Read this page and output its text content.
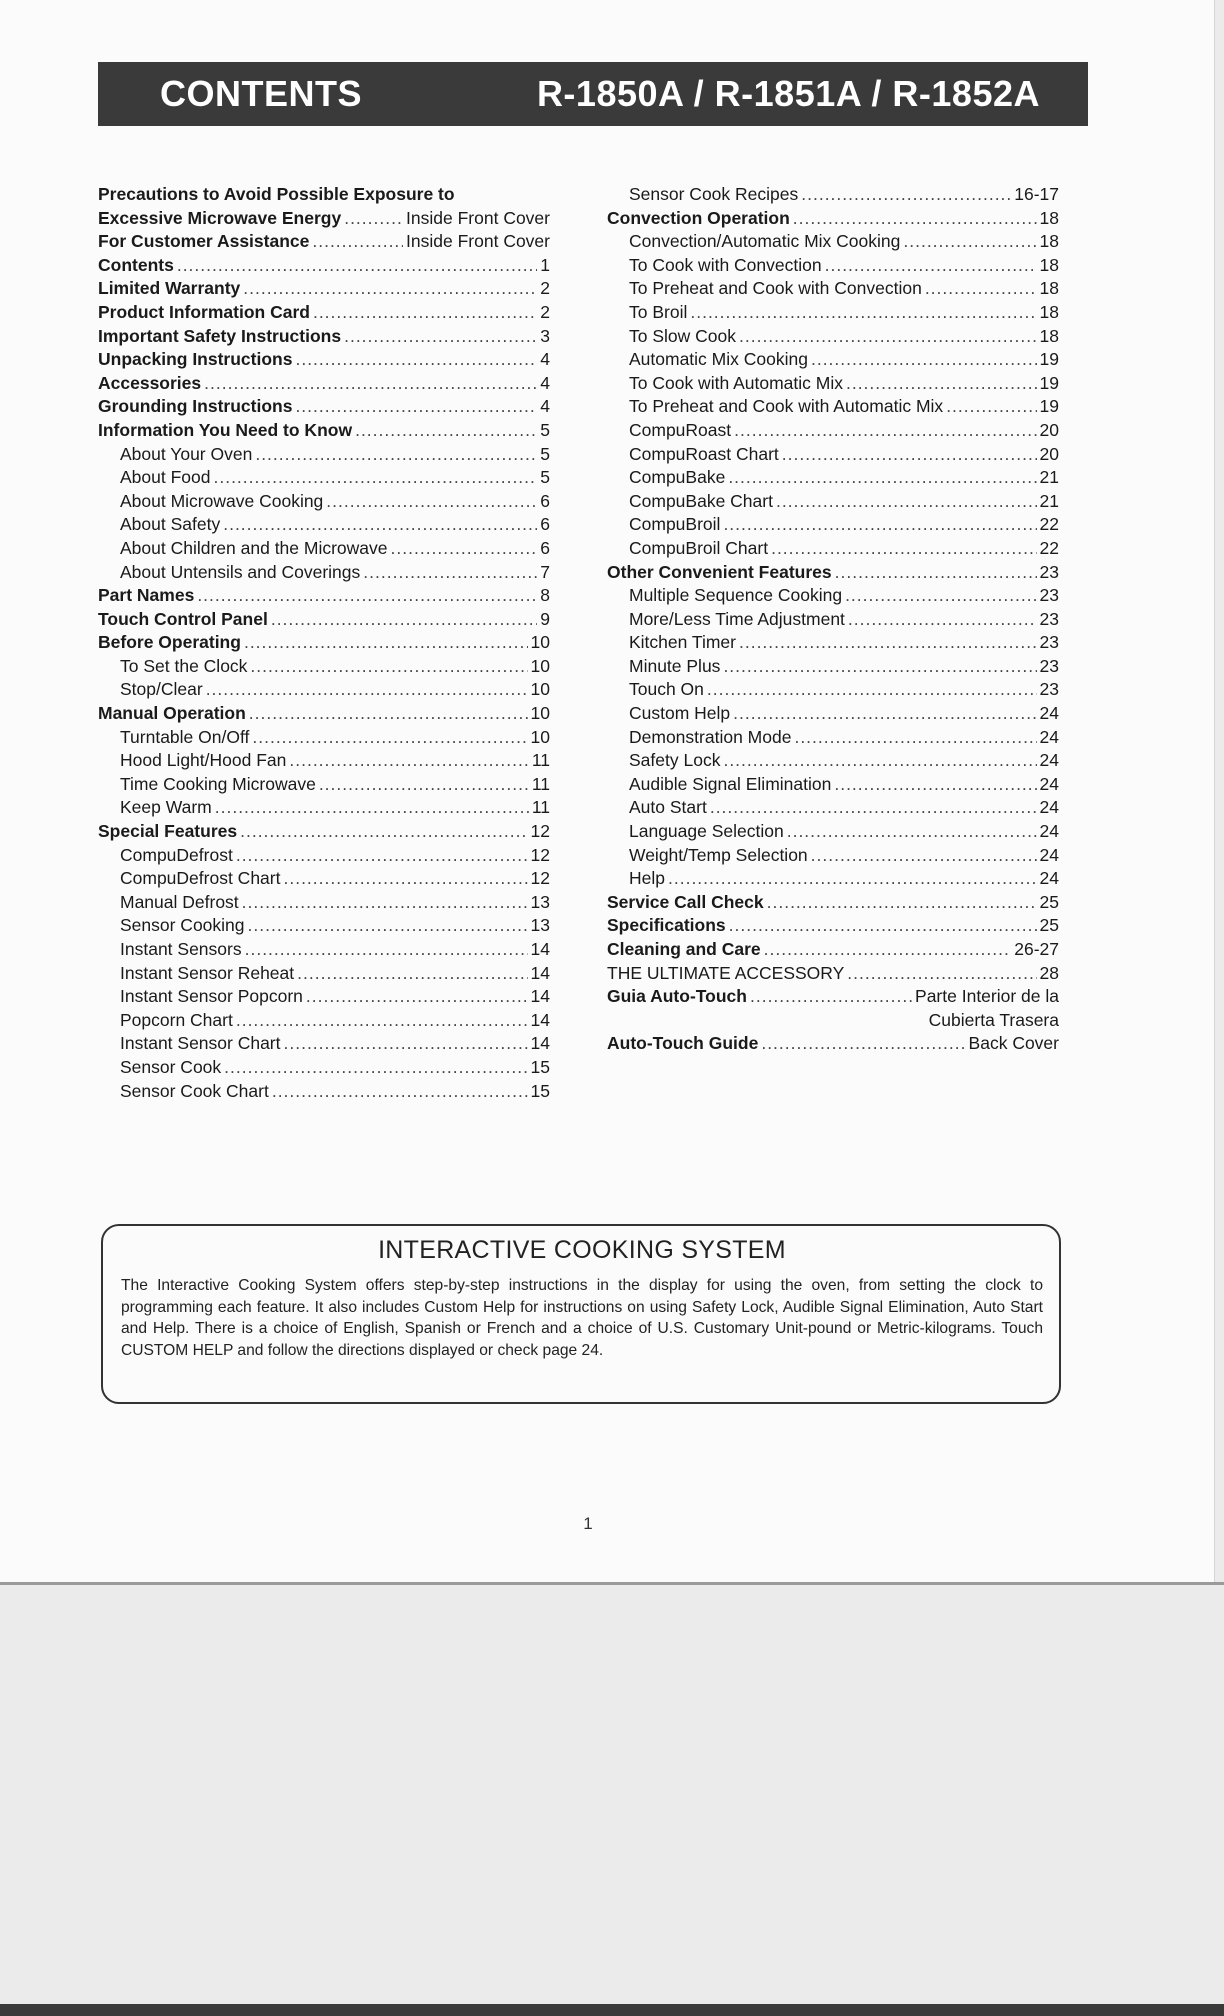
CONTENTS	R-1850A / R-1851A / R-1852A
Precautions to Avoid Possible Exposure to
Excessive Microwave Energy .....	Inside Front Cover
For Customer Assistance .....	Inside Front Cover
Contents .....	1
Limited Warranty .....	2
Product Information Card .....	2
Important Safety Instructions .....	3
Unpacking Instructions .....	4
Accessories .....	4
Grounding Instructions .....	4
Information You Need to Know .....	5
About Your Oven .....	5
About Food .....	5
About Microwave Cooking .....	6
About Safety .....	6
About Children and the Microwave .....	6
About Untensils and Coverings .....	7
Part Names .....	8
Touch Control Panel .....	9
Before Operating .....	10
To Set the Clock .....	10
Stop/Clear .....	10
Manual Operation .....	10
Turntable On/Off .....	10
Hood Light/Hood Fan .....	11
Time Cooking Microwave .....	11
Keep Warm .....	11
Special Features .....	12
CompuDefrost .....	12
CompuDefrost Chart .....	12
Manual Defrost .....	13
Sensor Cooking .....	13
Instant Sensors .....	14
Instant Sensor Reheat .....	14
Instant Sensor Popcorn .....	14
Popcorn Chart .....	14
Instant Sensor Chart .....	14
Sensor Cook .....	15
Sensor Cook Chart .....	15
Sensor Cook Recipes .....	16-17
Convection Operation .....	18
Convection/Automatic Mix Cooking .....	18
To Cook with Convection .....	18
To Preheat and Cook with Convection .....	18
To Broil .....	18
To Slow Cook .....	18
Automatic Mix Cooking .....	19
To Cook with Automatic Mix .....	19
To Preheat and Cook with Automatic Mix .....	19
CompuRoast .....	20
CompuRoast Chart .....	20
CompuBake .....	21
CompuBake Chart .....	21
CompuBroil .....	22
CompuBroil Chart .....	22
Other Convenient Features .....	23
Multiple Sequence Cooking .....	23
More/Less Time Adjustment .....	23
Kitchen Timer .....	23
Minute Plus .....	23
Touch On .....	23
Custom Help .....	24
Demonstration Mode .....	24
Safety Lock .....	24
Audible Signal Elimination .....	24
Auto Start .....	24
Language Selection .....	24
Weight/Temp Selection .....	24
Help .....	24
Service Call Check .....	25
Specifications .....	25
Cleaning and Care .....	26-27
THE ULTIMATE ACCESSORY .....	28
Guia Auto-Touch .....	Parte Interior de la
Cubierta Trasera
Auto-Touch Guide .....	Back Cover
INTERACTIVE COOKING SYSTEM
The Interactive Cooking System offers step-by-step instructions in the display for using the oven, from setting the clock to programming each feature. It also includes Custom Help for instructions on using Safety Lock, Audible Signal Elimination, Auto Start and Help. There is a choice of English, Spanish or French and a choice of U.S. Customary Unit-pound or Metric-kilograms. Touch CUSTOM HELP and follow the directions displayed or check page 24.
1
